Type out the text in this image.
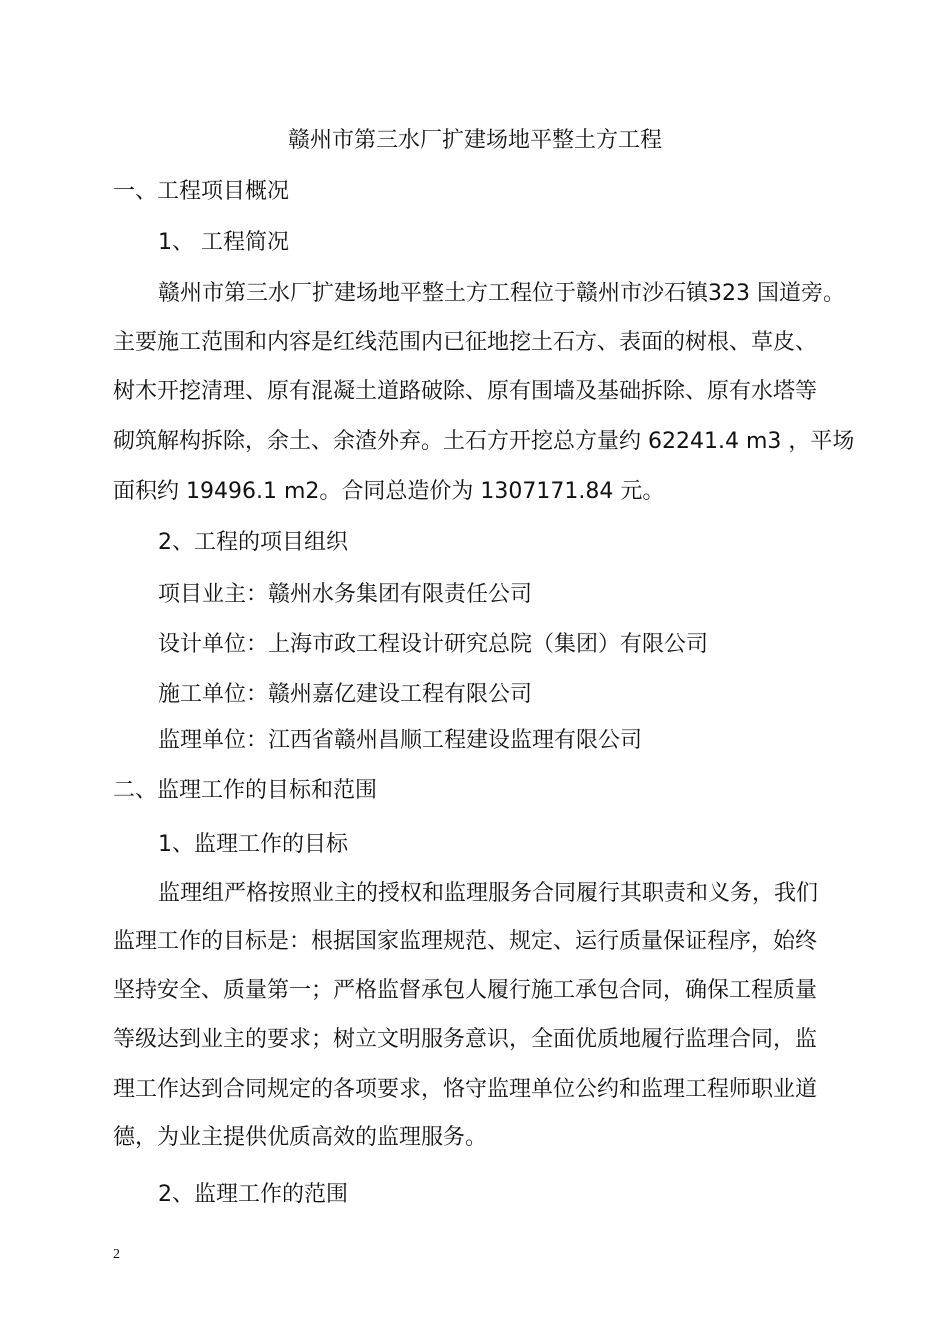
赣州市第三水厂扩建场地平整土方工程

一、工程项目概况

1、 工程简况

赣州市第三水厂扩建场地平整土方工程位于赣州市沙石镇323 国道旁。

主要施工范围和内容是红线范围内已征地挖土石方、表面的树根、草皮、

树木开挖清理、原有混凝土道路破除、原有围墙及基础拆除、原有水塔等

砌筑解构拆除，余土、余渣外弃。土石方开挖总方量约 62241.4 m3 ，平场

面积约 19496.1 m2。合同总造价为 1307171.84 元。

2、工程的项目组织

项目业主：赣州水务集团有限责任公司

设计单位：上海市政工程设计研究总院（集团）有限公司

施工单位：赣州嘉亿建设工程有限公司

监理单位：江西省赣州昌顺工程建设监理有限公司

二、监理工作的目标和范围

1、监理工作的目标

监理组严格按照业主的授权和监理服务合同履行其职责和义务，我们

监理工作的目标是：根据国家监理规范、规定、运行质量保证程序，始终

坚持安全、质量第一；严格监督承包人履行施工承包合同，确保工程质量

等级达到业主的要求；树立文明服务意识，全面优质地履行监理合同，监

理工作达到合同规定的各项要求，恪守监理单位公约和监理工程师职业道

德，为业主提供优质高效的监理服务。

2、监理工作的范围

2
